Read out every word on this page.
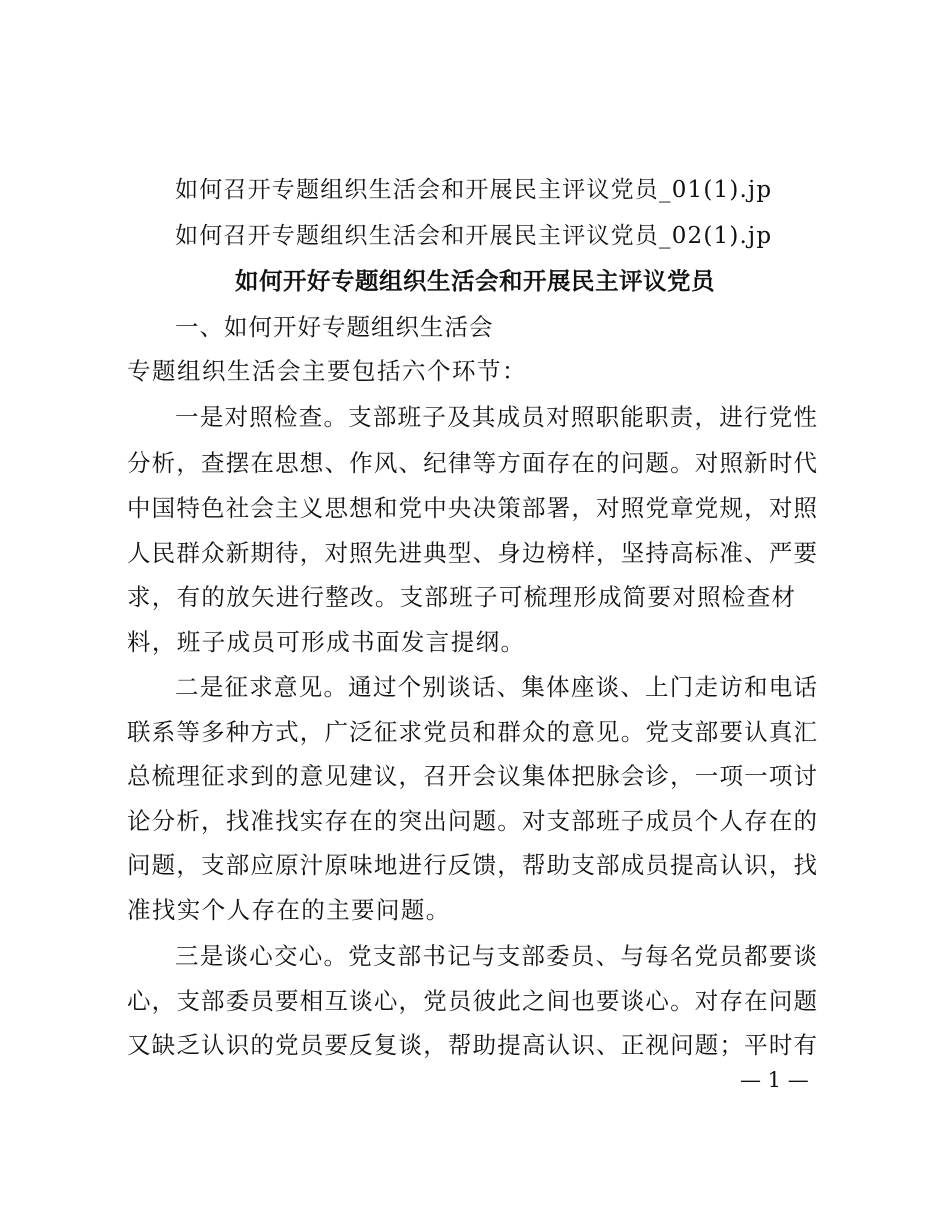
如何召开专题组织生活会和开展民主评议党员_01(1).jp
如何召开专题组织生活会和开展民主评议党员_02(1).jp
如何开好专题组织生活会和开展民主评议党员
一、如何开好专题组织生活会
专题组织生活会主要包括六个环节：
一是对照检查。支部班子及其成员对照职能职责，进行党性
分析，查摆在思想、作风、纪律等方面存在的问题。对照新时代
中国特色社会主义思想和党中央决策部署，对照党章党规，对照
人民群众新期待，对照先进典型、身边榜样，坚持高标准、严要
求，有的放矢进行整改。支部班子可梳理形成简要对照检查材
料，班子成员可形成书面发言提纲。
二是征求意见。通过个别谈话、集体座谈、上门走访和电话
联系等多种方式，广泛征求党员和群众的意见。党支部要认真汇
总梳理征求到的意见建议，召开会议集体把脉会诊，一项一项讨
论分析，找准找实存在的突出问题。对支部班子成员个人存在的
问题，支部应原汁原味地进行反馈，帮助支部成员提高认识，找
准找实个人存在的主要问题。
三是谈心交心。党支部书记与支部委员、与每名党员都要谈
心，支部委员要相互谈心，党员彼此之间也要谈心。对存在问题
又缺乏认识的党员要反复谈，帮助提高认识、正视问题；平时有
— 1 —
